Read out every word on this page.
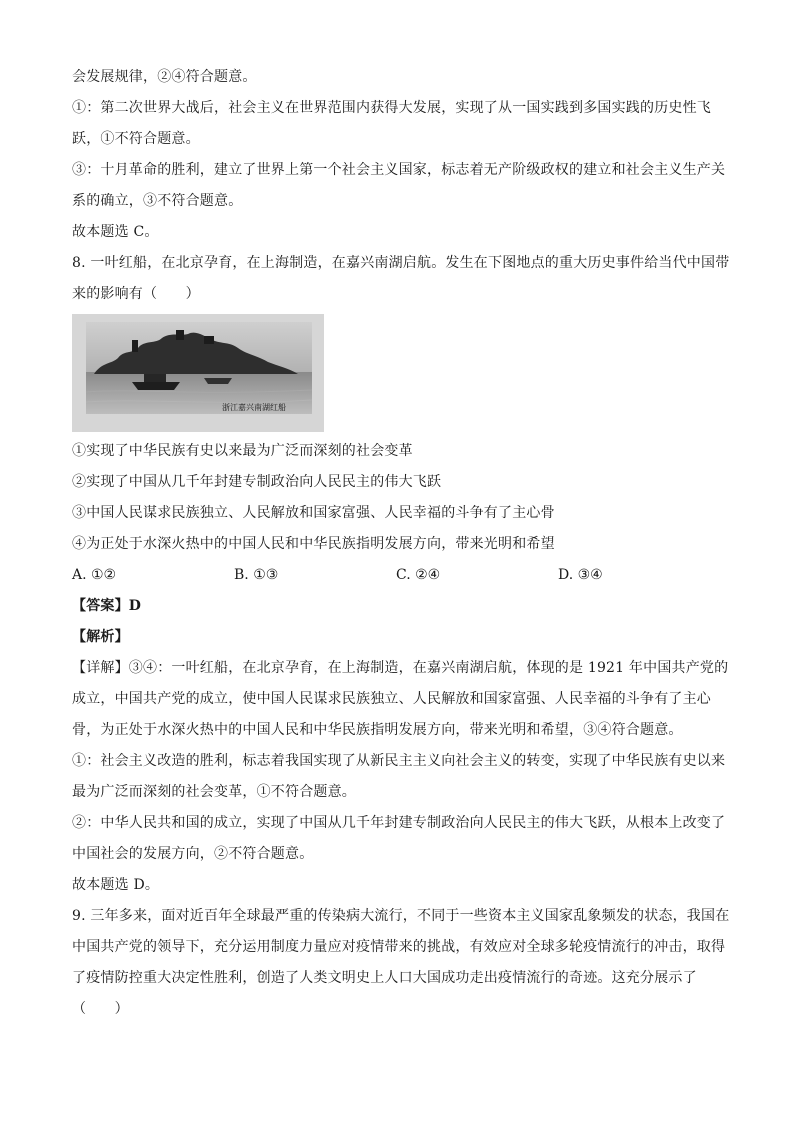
会发展规律，②④符合题意。
①：第二次世界大战后，社会主义在世界范围内获得大发展，实现了从一国实践到多国实践的历史性飞
跃，①不符合题意。
③：十月革命的胜利，建立了世界上第一个社会主义国家，标志着无产阶级政权的建立和社会主义生产关
系的确立，③不符合题意。
故本题选 C。
8. 一叶红船，在北京孕育，在上海制造，在嘉兴南湖启航。发生在下图地点的重大历史事件给当代中国带
来的影响有（　　）
浙江嘉兴南湖红船
①实现了中华民族有史以来最为广泛而深刻的社会变革
②实现了中国从几千年封建专制政治向人民民主的伟大飞跃
③中国人民谋求民族独立、人民解放和国家富强、人民幸福的斗争有了主心骨
④为正处于水深火热中的中国人民和中华民族指明发展方向，带来光明和希望
A. ①②	B. ①③	C. ②④	D. ③④
【答案】D
【解析】
【详解】③④：一叶红船，在北京孕育，在上海制造，在嘉兴南湖启航，体现的是 1921 年中国共产党的
成立，中国共产党的成立，使中国人民谋求民族独立、人民解放和国家富强、人民幸福的斗争有了主心
骨，为正处于水深火热中的中国人民和中华民族指明发展方向，带来光明和希望，③④符合题意。
①：社会主义改造的胜利，标志着我国实现了从新民主主义向社会主义的转变，实现了中华民族有史以来
最为广泛而深刻的社会变革，①不符合题意。
②：中华人民共和国的成立，实现了中国从几千年封建专制政治向人民民主的伟大飞跃，从根本上改变了
中国社会的发展方向，②不符合题意。
故本题选 D。
9. 三年多来，面对近百年全球最严重的传染病大流行，不同于一些资本主义国家乱象频发的状态，我国在
中国共产党的领导下，充分运用制度力量应对疫情带来的挑战，有效应对全球多轮疫情流行的冲击，取得
了疫情防控重大决定性胜利，创造了人类文明史上人口大国成功走出疫情流行的奇迹。这充分展示了
（　　）
